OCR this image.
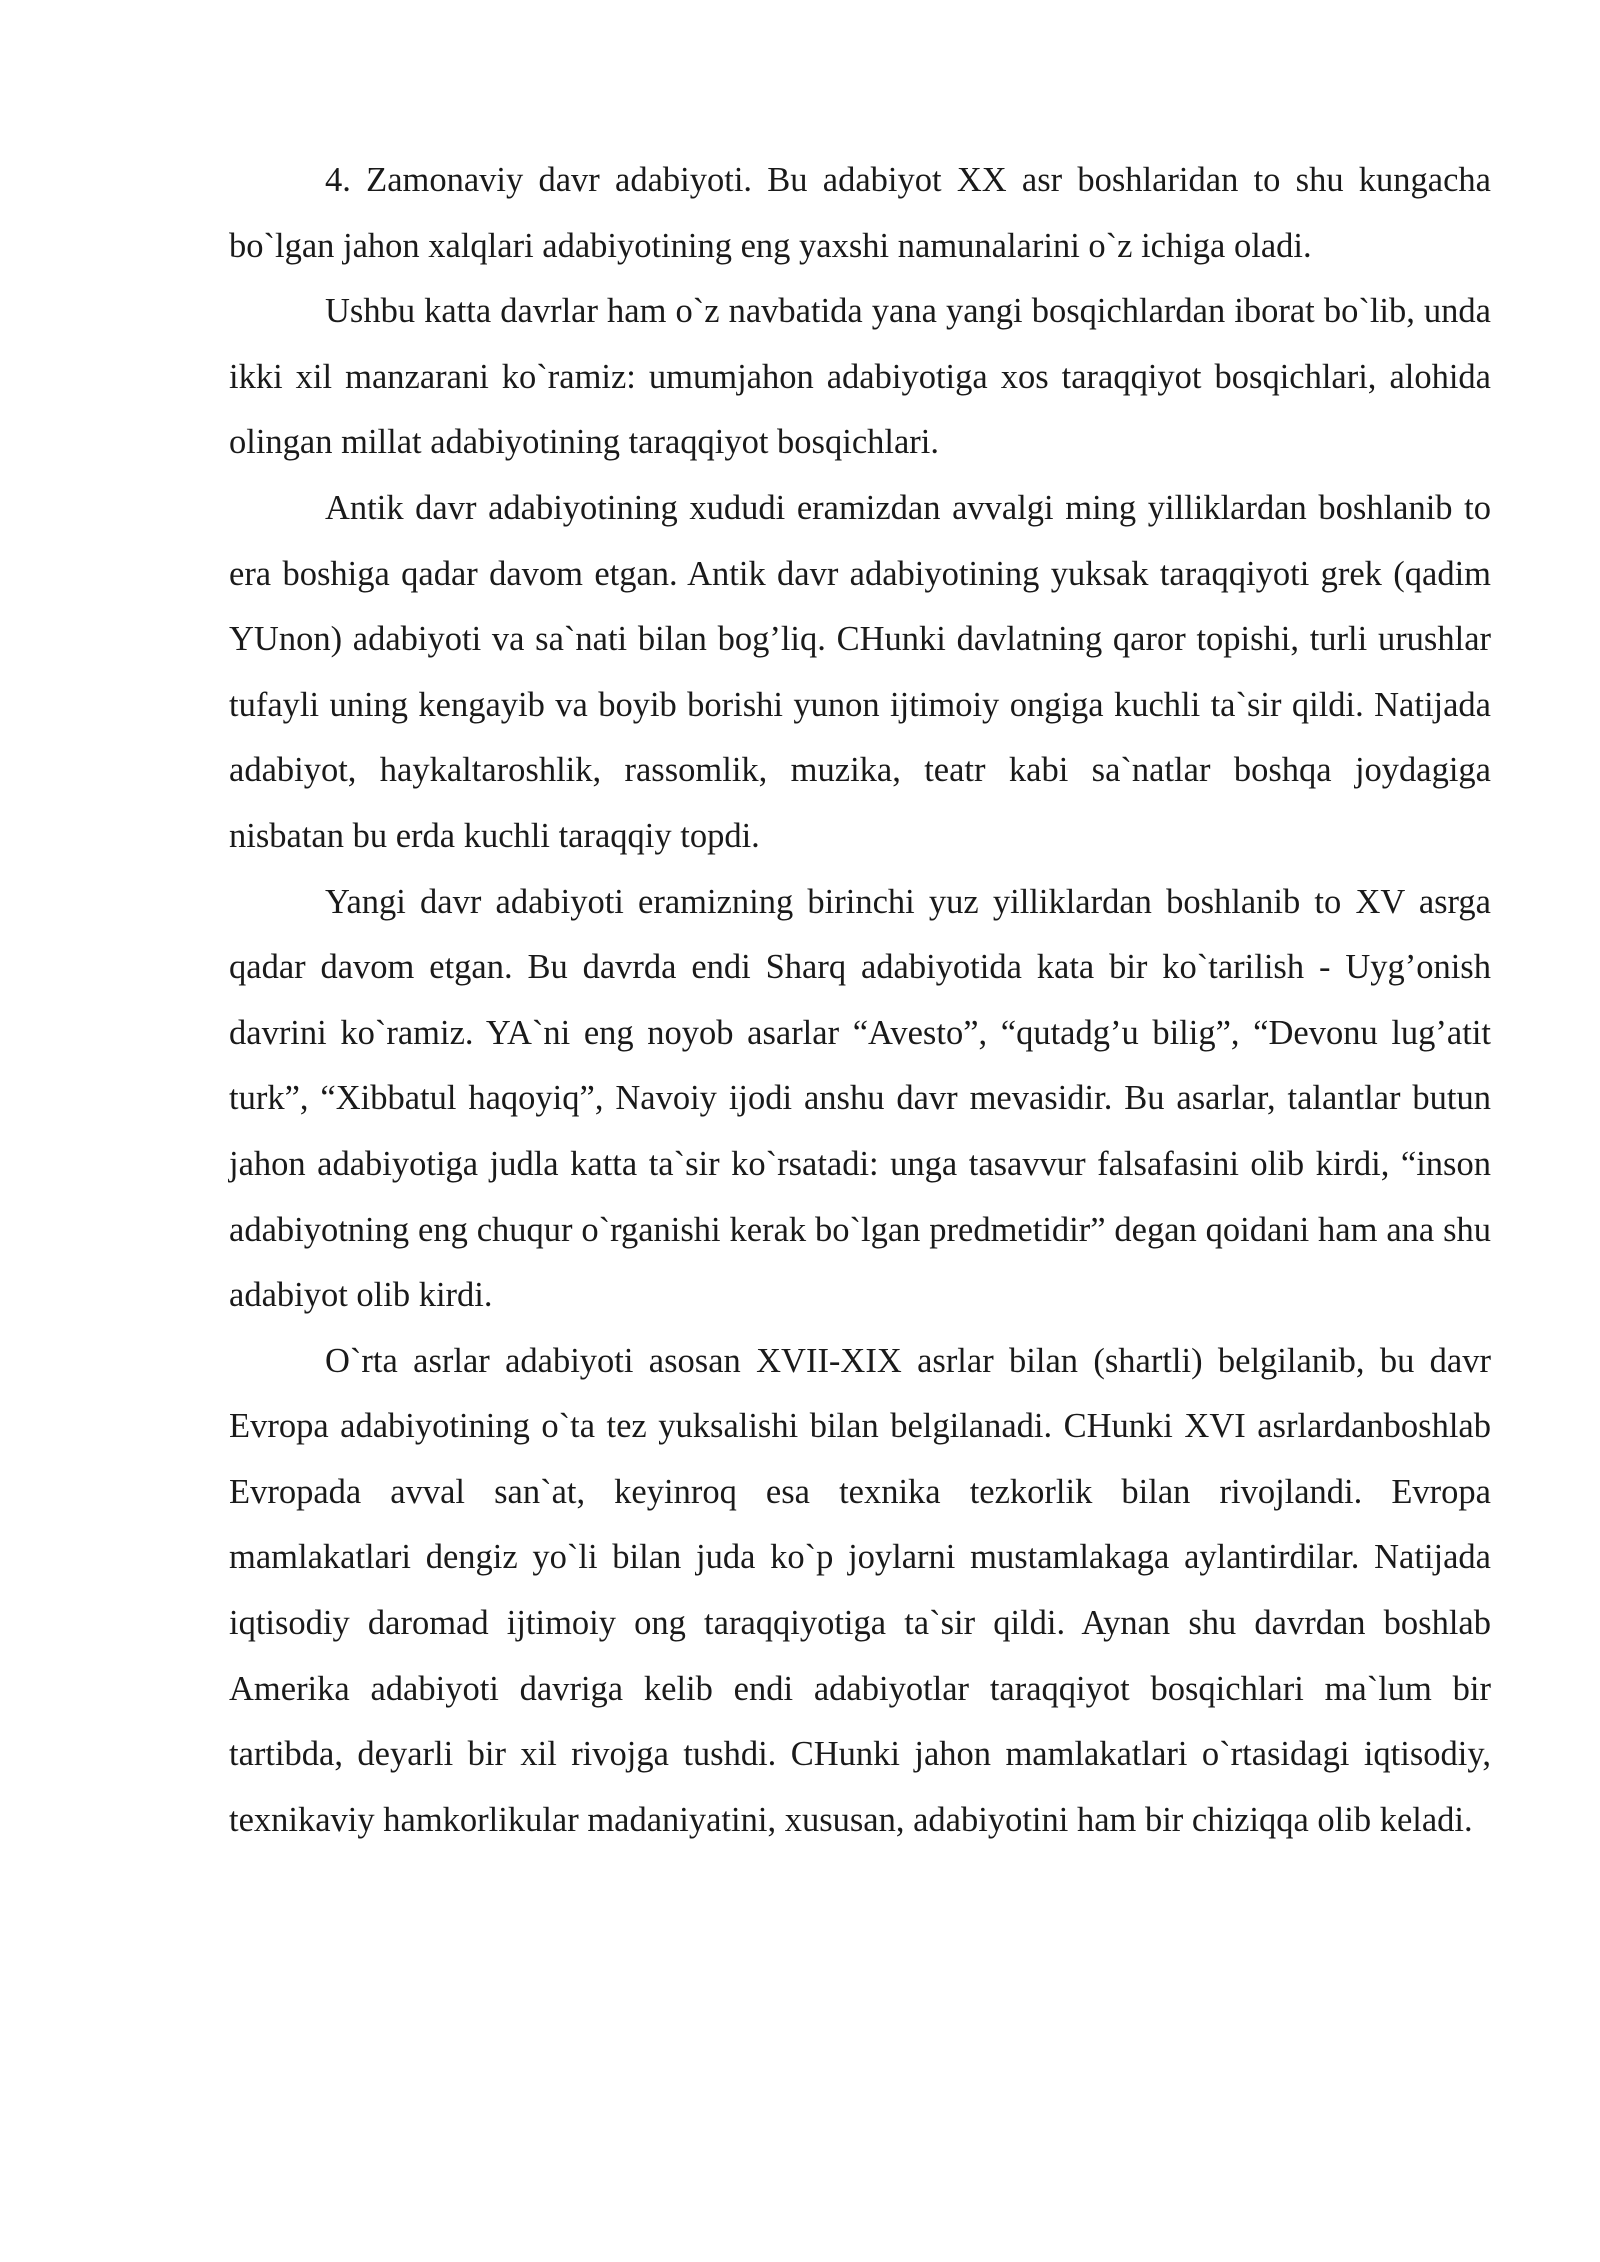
4. Zamonaviy davr adabiyoti. Bu adabiyot XX asr boshlaridan to shu kungacha bo`lgan jahon xalqlari adabiyotining eng yaxshi namunalarini o`z ichiga oladi.

Ushbu katta davrlar ham o`z navbatida yana yangi bosqichlardan iborat bo`lib, unda ikki xil manzarani ko`ramiz: umumjahon adabiyotiga xos taraqqiyot bosqichlari, alohida olingan millat adabiyotining taraqqiyot bosqichlari.

Antik davr adabiyotining xududi eramizdan avvalgi ming yilliklardan boshlanib to era boshiga qadar davom etgan. Antik davr adabiyotining yuksak taraqqiyoti grek (qadim YUnon) adabiyoti va sa`nati bilan bog’liq. CHunki davlatning qaror topishi, turli urushlar tufayli uning kengayib va boyib borishi yunon ijtimoiy ongiga kuchli ta`sir qildi. Natijada adabiyot, haykaltaroshlik, rassomlik, muzika, teatr kabi sa`natlar boshqa joydagiga nisbatan bu erda kuchli taraqqiy topdi.

Yangi davr adabiyoti eramizning birinchi yuz yilliklardan boshlanib to XV asrga qadar davom etgan. Bu davrda endi Sharq adabiyotida kata bir ko`tarilish - Uyg’onish davrini ko`ramiz. YA`ni eng noyob asarlar “Avesto”, “qutadg’u bilig”, “Devonu lug’atit turk”, “Xibbatul haqoyiq”, Navoiy ijodi anshu davr mevasidir. Bu asarlar, talantlar butun jahon adabiyotiga judla katta ta`sir ko`rsatadi: unga tasavvur falsafasini olib kirdi, “inson adabiyotning eng chuqur o`rganishi kerak bo`lgan predmetidir” degan qoidani ham ana shu adabiyot olib kirdi.

O`rta asrlar adabiyoti asosan XVII-XIX asrlar bilan (shartli) belgilanib, bu davr Evropa adabiyotining o`ta tez yuksalishi bilan belgilanadi. CHunki XVI asrlardanboshlab Evropada avval san`at, keyinroq esa texnika tezkorlik bilan rivojlandi. Evropa mamlakatlari dengiz yo`li bilan juda ko`p joylarni mustamlakaga aylantirdilar. Natijada iqtisodiy daromad ijtimoiy ong taraqqiyotiga ta`sir qildi. Aynan shu davrdan boshlab Amerika adabiyoti davriga kelib endi adabiyotlar taraqqiyot bosqichlari ma`lum bir tartibda, deyarli bir xil rivojga tushdi. CHunki jahon mamlakatlari o`rtasidagi iqtisodiy, texnikaviy hamkorlikular madaniyatini, xususan, adabiyotini ham bir chiziqqa olib keladi.
